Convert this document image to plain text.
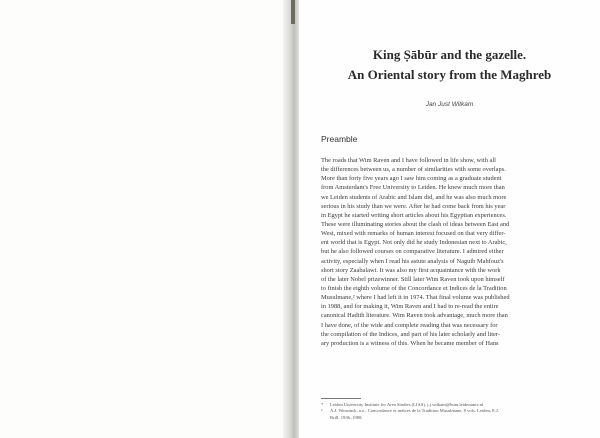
King Ṣābūr and the gazelle.
An Oriental story from the Maghreb
Jan Just Witkam
Preamble
The roads that Wim Raven and I have followed in life show, with all
the differences between us, a number of similarities with some overlaps.
More than forty five years ago I saw him coming as a graduate student
from Amsterdam's Free University to Leiden. He knew much more than
we Leiden students of Arabic and Islam did, and he was also much more
serious in his study than we were. After he had come back from his year
in Egypt he started writing short articles about his Egyptian experiences.
These were illuminating stories about the clash of ideas between East and
West, mixed with remarks of human interest focused on that very differ-
ent world that is Egypt. Not only did he study Indonesian next to Arabic,
but he also followed courses on comparative literature. I admired either
activity, especially when I read his astute analysis of Naguib Mahfouz's
short story Zaabalawi. It was also my first acquaintance with the work
of the later Nobel prizewinner. Still later Wim Raven took upon himself
to finish the eighth volume of the Concordance et Indices de la Tradition
Musulmane,² where I had left it in 1974. That final volume was published
in 1988, and for making it, Wim Raven and I had to re-read the entire
canonical Hadith literature. Wim Raven took advantage, much more than
I have done, of the wide and complete reading that was necessary for
the compilation of the Indices, and part of his later scholarly and liter-
ary production is a witness of this. When he became member of Hans
* Leiden University Institute for Area Studies (LIAS), j.j.witkam@hum.leidenuniv.nl
² A.J. Wensinck, a.o., Concordance et indices de la Tradition Musulmane, 8 vols. Leiden, E.J.
Brill, 1936–1988.
